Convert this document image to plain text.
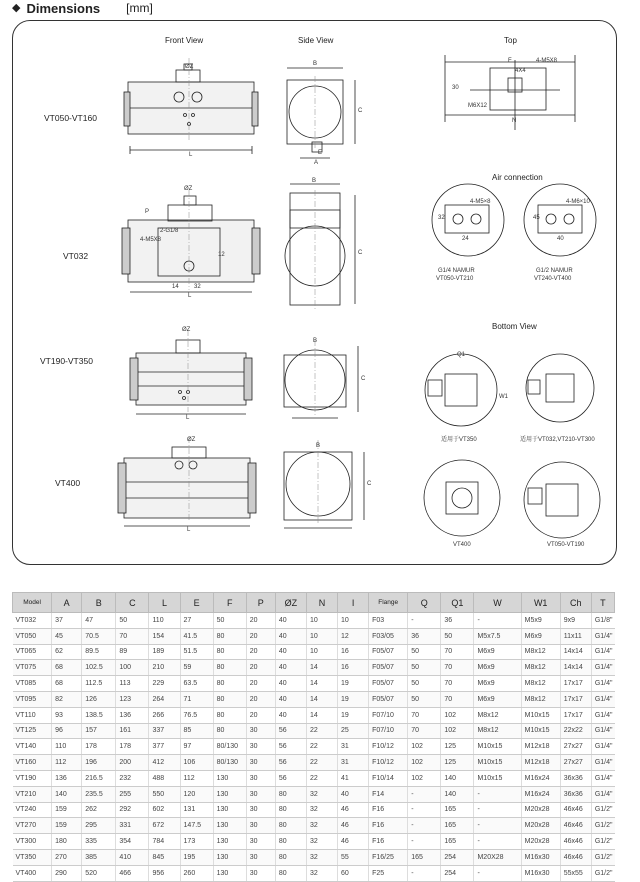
◆ Dimensions [mm]
Front View	Side View	Top
Air connection
Bottom View
VT050-VT160
VT032
VT190-VT350
VT400
ØZ
L
B
C
E
A
4-M5X8
4X4
F
30
M6X12
N
ØZ
2-G1/8
4-M5X8
P
14	32
12
L
B
C
G1/4 NAMUR
VT050-VT210
G1/2 NAMUR
VT240-VT400
4-M5×8	4-M6×10
32
24
45
40
ØZ
L
B
C
适用于VT350	适用于VT032,VT210-VT300
W1
Q1
ØZ
L
B
C
VT400	VT050-VT190
Model	A	B	C	L	E	F	P	ØZ	N	I	Flange	Q	Q1	W	W1	Ch	T
VT032	37	47	50	110	27	50	20	40	10	10	F03	-	36	-	M5x9	9x9	G1/8"
VT050	45	70.5	70	154	41.5	80	20	40	10	12	F03/05	36	50	M5x7.5	M6x9	11x11	G1/4"
VT065	62	89.5	89	189	51.5	80	20	40	10	16	F05/07	50	70	M6x9	M8x12	14x14	G1/4"
VT075	68	102.5	100	210	59	80	20	40	14	16	F05/07	50	70	M6x9	M8x12	14x14	G1/4"
VT085	68	112.5	113	229	63.5	80	20	40	14	19	F05/07	50	70	M6x9	M8x12	17x17	G1/4"
VT095	82	126	123	264	71	80	20	40	14	19	F05/07	50	70	M6x9	M8x12	17x17	G1/4"
VT110	93	138.5	136	266	76.5	80	20	40	14	19	F07/10	70	102	M8x12	M10x15	17x17	G1/4"
VT125	96	157	161	337	85	80	30	56	22	25	F07/10	70	102	M8x12	M10x15	22x22	G1/4"
VT140	110	178	178	377	97	80/130	30	56	22	31	F10/12	102	125	M10x15	M12x18	27x27	G1/4"
VT160	112	196	200	412	106	80/130	30	56	22	31	F10/12	102	125	M10x15	M12x18	27x27	G1/4"
VT190	136	216.5	232	488	112	130	30	56	22	41	F10/14	102	140	M10x15	M16x24	36x36	G1/4"
VT210	140	235.5	255	550	120	130	30	80	32	40	F14	-	140	-	M16x24	36x36	G1/4"
VT240	159	262	292	602	131	130	30	80	32	46	F16	-	165	-	M20x28	46x46	G1/2"
VT270	159	295	331	672	147.5	130	30	80	32	46	F16	-	165	-	M20x28	46x46	G1/2"
VT300	180	335	354	784	173	130	30	80	32	46	F16	-	165	-	M20x28	46x46	G1/2"
VT350	270	385	410	845	195	130	30	80	32	55	F16/25	165	254	M20X28	M16x30	46x46	G1/2"
VT400	290	520	466	956	260	130	30	80	32	60	F25	-	254	-	M16x30	55x55	G1/2"
